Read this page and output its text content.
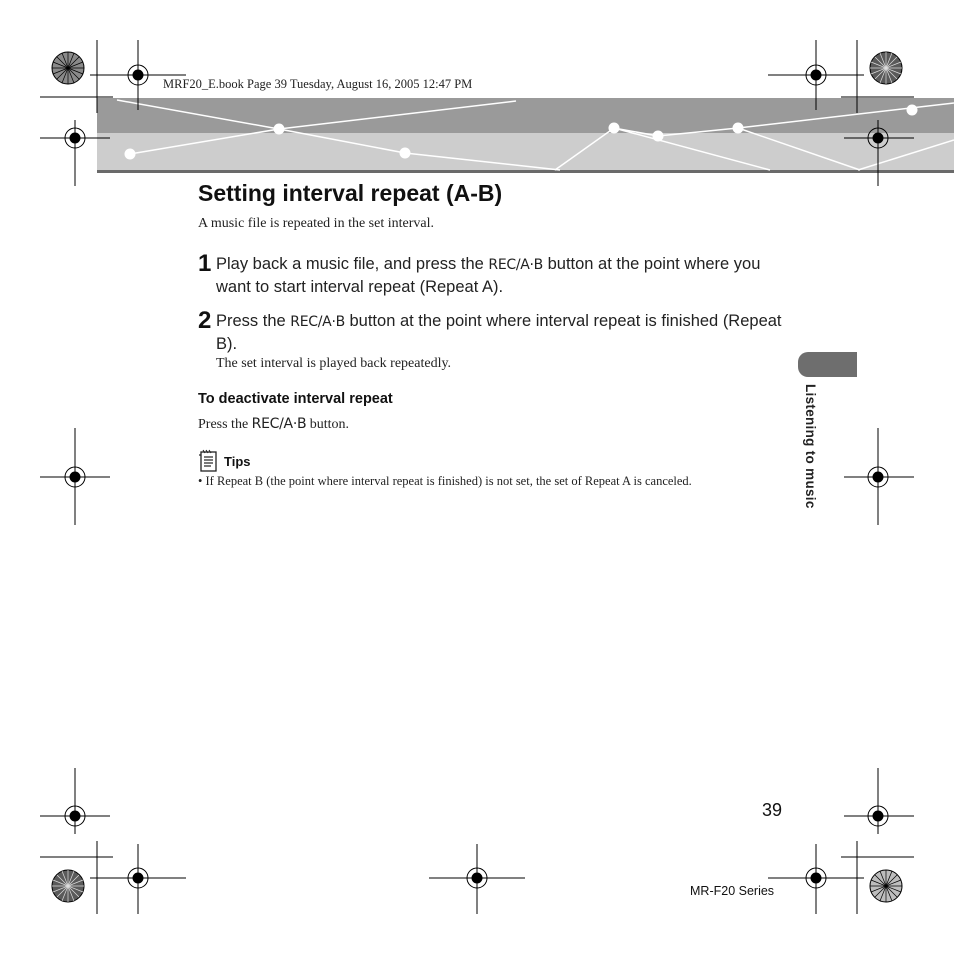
MRF20_E.book Page 39 Tuesday, August 16, 2005 12:47 PM
Setting interval repeat (A-B)
A music file is repeated in the set interval.
1 Play back a music file, and press the REC/A·B button at the point where you want to start interval repeat (Repeat A).
2 Press the REC/A·B button at the point where interval repeat is finished (Repeat B).
The set interval is played back repeatedly.
To deactivate interval repeat
Press the REC/A·B button.
Tips
• If Repeat B (the point where interval repeat is finished) is not set, the set of Repeat A is canceled.	Listening to music
39
MR-F20 Series
